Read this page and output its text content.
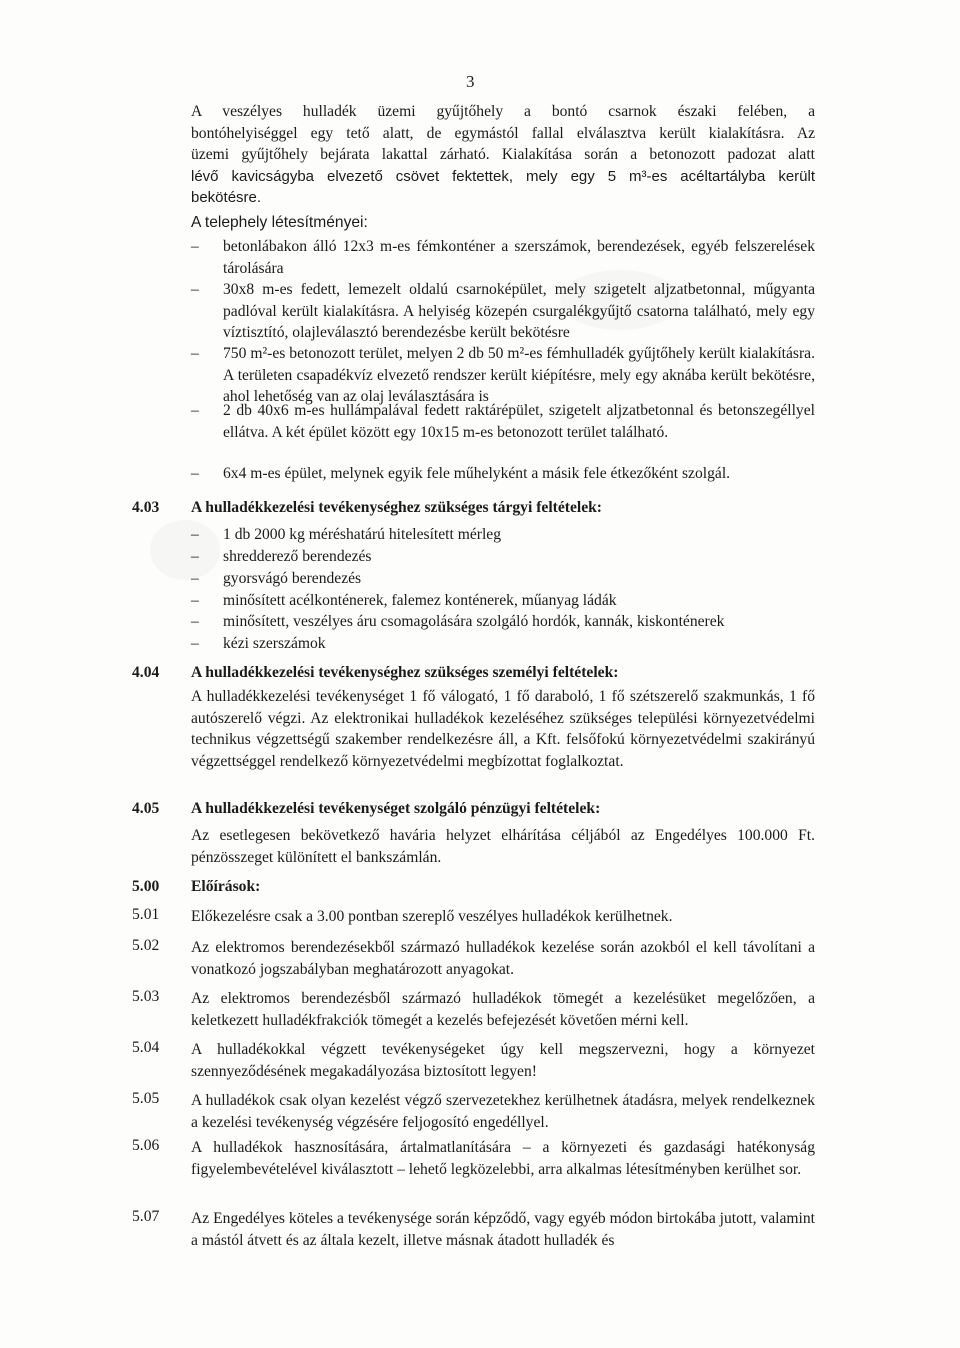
3
A veszélyes hulladék üzemi gyűjtőhely a bontó csarnok északi felében, a
bontóhelyiséggel egy tető alatt, de egymástól fallal elválasztva került kialakításra. Az
üzemi gyűjtőhely bejárata lakattal zárható. Kialakítása során a betonozott padozat alatt
lévő kavicságyba elvezető csövet fektettek, mely egy 5 m³-es acéltartályba került
bekötésre.
A telephely létesítményei:
–	betonlábakon álló 12x3 m-es fémkonténer a szerszámok, berendezések, egyéb felszerelések tárolására
–	30x8 m-es fedett, lemezelt oldalú csarnoképület, mely szigetelt aljzatbetonnal, műgyanta padlóval került kialakításra. A helyiség közepén csurgalékgyűjtő csatorna található, mely egy víztisztító, olajleválasztó berendezésbe került bekötésre
–	750 m²-es betonozott terület, melyen 2 db 50 m²-es fémhulladék gyűjtőhely került kialakításra. A területen csapadékvíz elvezető rendszer került kiépítésre, mely egy aknába került bekötésre, ahol lehetőség van az olaj leválasztására is
–	2 db 40x6 m-es hullámpalával fedett raktárépület, szigetelt aljzatbetonnal és betonszegéllyel ellátva. A két épület között egy 10x15 m-es betonozott terület található.
–	6x4 m-es épület, melynek egyik fele műhelyként a másik fele étkezőként szolgál.
4.03 A hulladékkezelési tevékenységhez szükséges tárgyi feltételek:
–	1 db 2000 kg méréshatárú hitelesített mérleg
–	shredderező berendezés
–	gyorsvágó berendezés
–	minősített acélkonténerek, falemez konténerek, műanyag ládák
–	minősített, veszélyes áru csomagolására szolgáló hordók, kannák, kiskonténerek
–	kézi szerszámok
4.04 A hulladékkezelési tevékenységhez szükséges személyi feltételek:
A hulladékkezelési tevékenységet 1 fő válogató, 1 fő daraboló, 1 fő szétszerelő szakmunkás, 1 fő autószerelő végzi. Az elektronikai hulladékok kezeléséhez szükséges települési környezetvédelmi technikus végzettségű szakember rendelkezésre áll, a Kft. felsőfokú környezetvédelmi szakirányú végzettséggel rendelkező környezetvédelmi megbízottat foglalkoztat.
4.05 A hulladékkezelési tevékenységet szolgáló pénzügyi feltételek:
Az esetlegesen bekövetkező havária helyzet elhárítása céljából az Engedélyes 100.000 Ft. pénzösszeget különített el bankszámlán.
5.00 Előírások:
5.01 Előkezelésre csak a 3.00 pontban szereplő veszélyes hulladékok kerülhetnek.
5.02 Az elektromos berendezésekből származó hulladékok kezelése során azokból el kell távolítani a vonatkozó jogszabályban meghatározott anyagokat.
5.03 Az elektromos berendezésből származó hulladékok tömegét a kezelésüket megelőzően, a keletkezett hulladékfrakciók tömegét a kezelés befejezését követően mérni kell.
5.04 A hulladékokkal végzett tevékenységeket úgy kell megszervezni, hogy a környezet szennyeződésének megakadályozása biztosított legyen!
5.05 A hulladékok csak olyan kezelést végző szervezetekhez kerülhetnek átadásra, melyek rendelkeznek a kezelési tevékenység végzésére feljogosító engedéllyel.
5.06 A hulladékok hasznosítására, ártalmatlanítására – a környezeti és gazdasági hatékonyság figyelembevételével kiválasztott – lehető legközelebbi, arra alkalmas létesítményben kerülhet sor.
5.07 Az Engedélyes köteles a tevékenysége során képződő, vagy egyéb módon birtokába jutott, valamint a mástól átvett és az általa kezelt, illetve másnak átadott hulladék és
